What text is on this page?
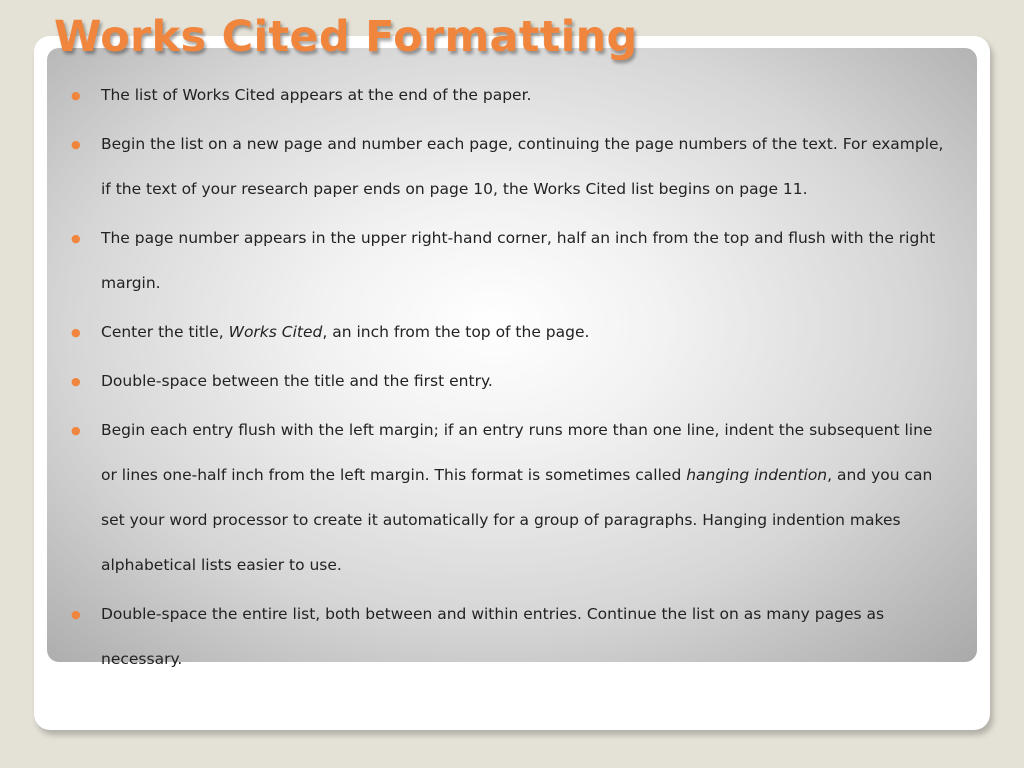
Works Cited Formatting
● The list of Works Cited appears at the end of the paper.
● Begin the list on a new page and number each page, continuing the page numbers of the text. For example, if the text of your research paper ends on page 10, the Works Cited list begins on page 11.
● The page number appears in the upper right-hand corner, half an inch from the top and flush with the right margin.
● Center the title, Works Cited, an inch from the top of the page.
● Double-space between the title and the first entry.
● Begin each entry flush with the left margin; if an entry runs more than one line, indent the subsequent line or lines one-half inch from the left margin. This format is sometimes called hanging indention, and you can set your word processor to create it automatically for a group of paragraphs. Hanging indention makes alphabetical lists easier to use.
● Double-space the entire list, both between and within entries. Continue the list on as many pages as necessary.
